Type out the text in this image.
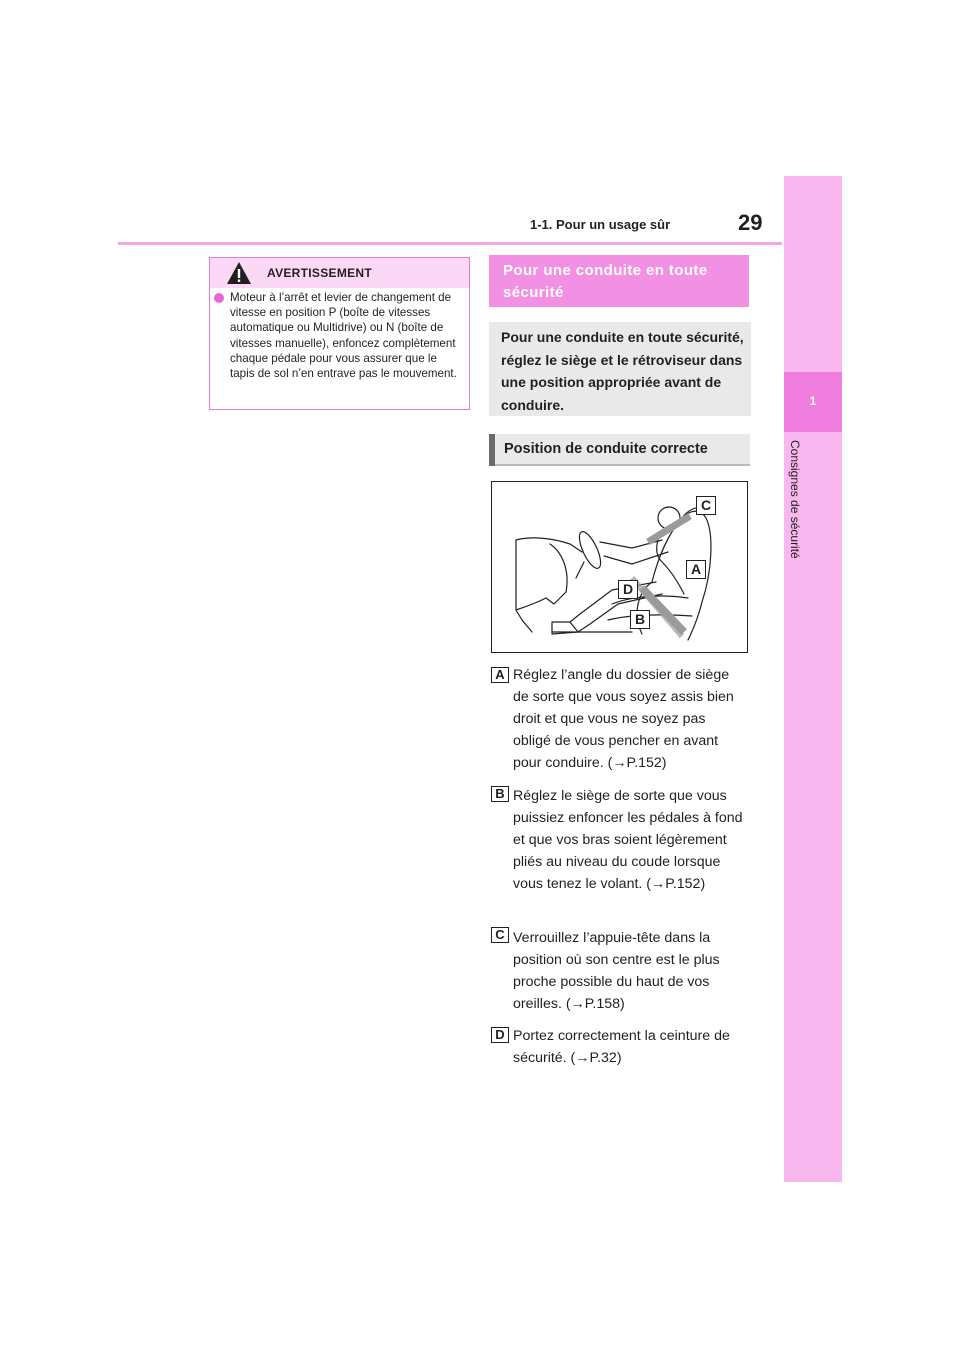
1-1. Pour un usage sûr	29
1
Consignes de sécurité
AVERTISSEMENT
Moteur à l’arrêt et levier de changement de vitesse en position P (boîte de vitesses automatique ou Multidrive) ou N (boîte de vitesses manuelle), enfoncez complètement chaque pédale pour vous assurer que le tapis de sol n’en entrave pas le mouvement.
Pour une conduite en toute sécurité
Pour une conduite en toute sécurité, réglez le siège et le rétroviseur dans une position appropriée avant de conduire.
Position de conduite correcte
C
A
D
B
A Réglez l’angle du dossier de siège de sorte que vous soyez assis bien droit et que vous ne soyez pas obligé de vous pencher en avant pour conduire. (→P.152)
B Réglez le siège de sorte que vous puissiez enfoncer les pédales à fond et que vos bras soient légèrement pliés au niveau du coude lorsque vous tenez le volant. (→P.152)
C Verrouillez l’appuie-tête dans la position où son centre est le plus proche possible du haut de vos oreilles. (→P.158)
D Portez correctement la ceinture de sécurité. (→P.32)
